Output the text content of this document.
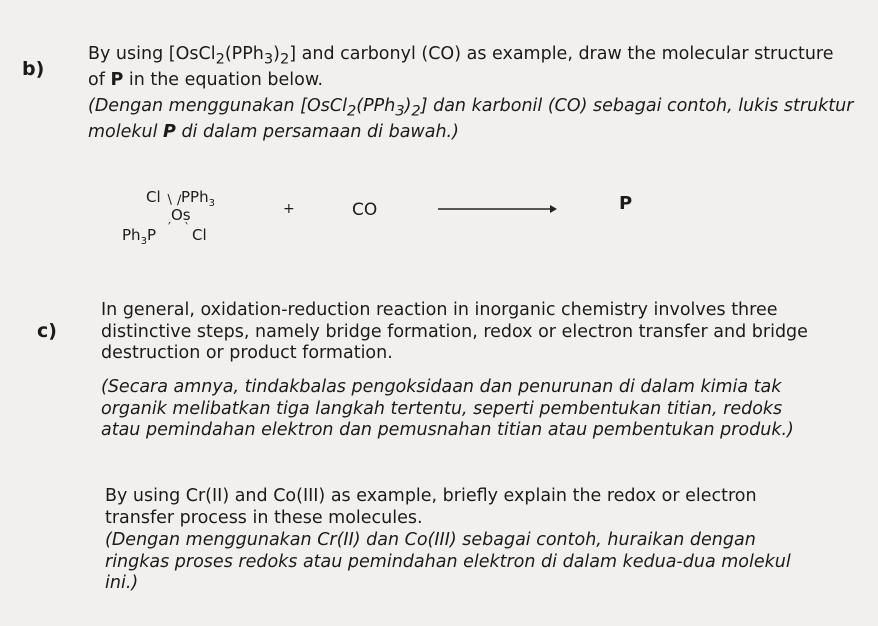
b)
By using $[OsCl_2(PPh_3)_2]$ and carbonyl (CO) as example, draw the molecular structure
of P in the equation below.
(Dengan menggunakan $[OsCl_2(PPh_3)_2]$ dan karbonil (CO) sebagai contoh, lukis struktur
molekul P di dalam persamaan di bawah.)
Cl ∖ PPh$_3$
∕
Os
$Ph_3P$ ′ ‵ Cl
+	CO	P
c)
In general, oxidation-reduction reaction in inorganic chemistry involves three
distinctive steps, namely bridge formation, redox or electron transfer and bridge
destruction or product formation.
(Secara amnya, tindakbalas pengoksidaan dan penurunan di dalam kimia tak
organik melibatkan tiga langkah tertentu, seperti pembentukan titian, redoks
atau pemindahan elektron dan pemusnahan titian atau pembentukan produk.)
By using Cr(II) and Co(III) as example, briefly explain the redox or electron
transfer process in these molecules.
(Dengan menggunakan Cr(II) dan Co(III) sebagai contoh, huraikan dengan
ringkas proses redoks atau pemindahan elektron di dalam kedua-dua molekul
ini.)
